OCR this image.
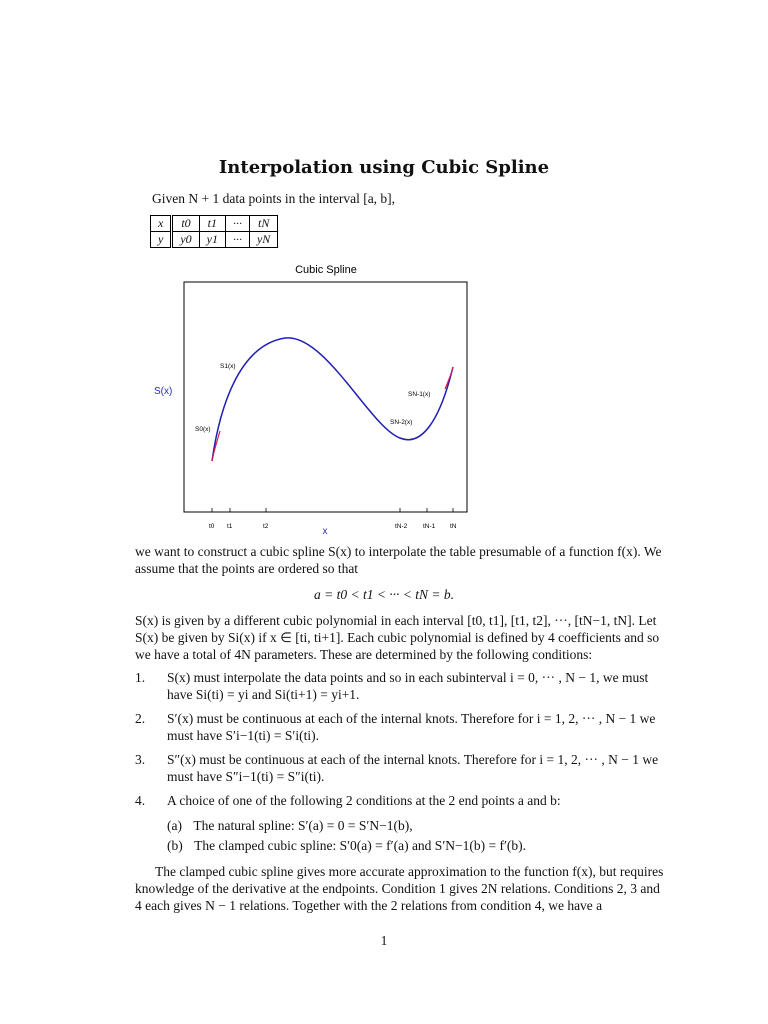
Interpolation using Cubic Spline
Given N + 1 data points in the interval [a, b],
x	t0	t1	···	tN
y	y0	y1	···	yN
Cubic Spline
t0 t1	t2	tN-2 tN-1 tN
x
S(x)
S1(x)
S0(x)
SN-2(x)
SN-1(x)
we want to construct a cubic spline S(x) to interpolate the table presumable of a function f(x). We assume that the points are ordered so that
a = t0 < t1 < ··· < tN = b.
S(x) is given by a different cubic polynomial in each interval [t0, t1], [t1, t2], ···, [tN−1, tN]. Let S(x) be given by Si(x) if x ∈ [ti, ti+1]. Each cubic polynomial is defined by 4 coefficients and so we have a total of 4N parameters. These are determined by the following conditions:
1. S(x) must interpolate the data points and so in each subinterval i = 0, ··· , N − 1, we must have Si(ti) = yi and Si(ti+1) = yi+1.
2. S′(x) must be continuous at each of the internal knots. Therefore for i = 1, 2, ··· , N − 1 we must have S′i−1(ti) = S′i(ti).
3. S″(x) must be continuous at each of the internal knots. Therefore for i = 1, 2, ··· , N − 1 we must have S″i−1(ti) = S″i(ti).
4. A choice of one of the following 2 conditions at the 2 end points a and b:
(a) The natural spline: S′(a) = 0 = S′N−1(b),
(b) The clamped cubic spline: S′0(a) = f′(a) and S′N−1(b) = f′(b).
The clamped cubic spline gives more accurate approximation to the function f(x), but requires knowledge of the derivative at the endpoints. Condition 1 gives 2N relations. Conditions 2, 3 and 4 each gives N − 1 relations. Together with the 2 relations from condition 4, we have a
1
